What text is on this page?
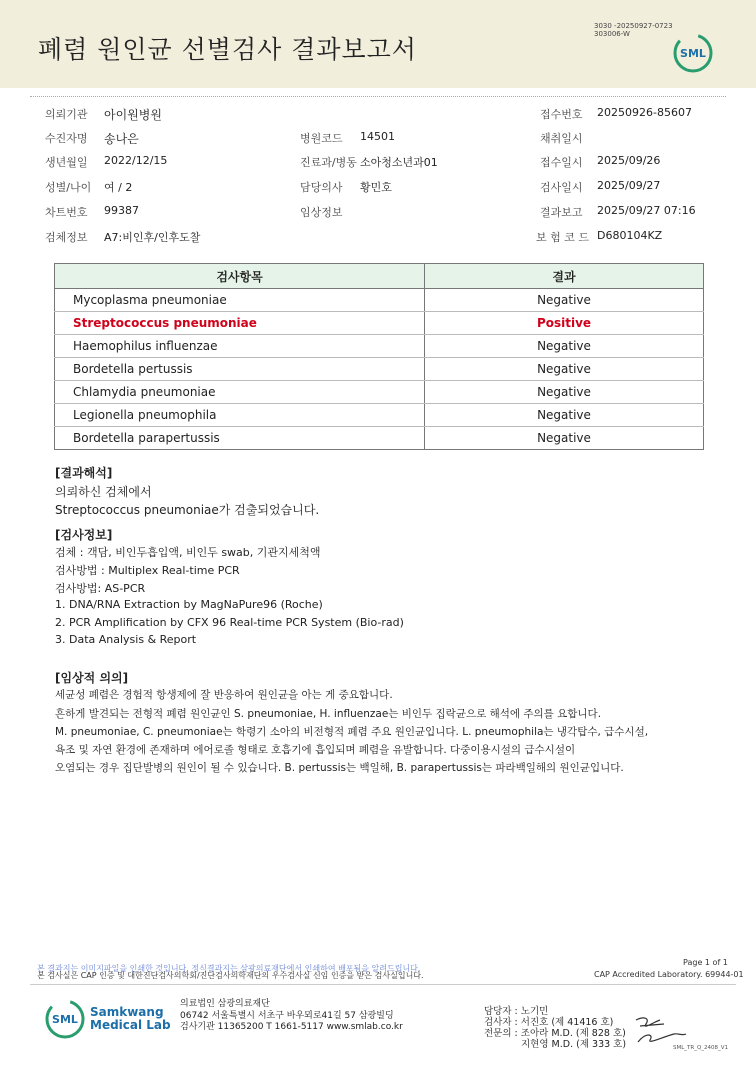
폐렴 원인균 선별검사 결과보고서
3030 -20250927-0723
303006-W
SML
의뢰기관 아이원병원	접수번호 20250926-85607
수진자명 송나은	병원코드 14501	채취일시
생년월일 2022/12/15	진료과/병동 소아청소년과01	접수일시 2025/09/26
성별/나이 여 / 2	담당의사 황민호	검사일시 2025/09/27
차트번호 99387	임상정보	결과보고 2025/09/27 07:16
검체정보 A7:비인후/인후도찰	보 험 코 드 D680104KZ
검사항목	결과
Mycoplasma pneumoniae	Negative
Streptococcus pneumoniae	Positive
Haemophilus influenzae	Negative
Bordetella pertussis	Negative
Chlamydia pneumoniae	Negative
Legionella pneumophila	Negative
Bordetella parapertussis	Negative
[결과해석]
의뢰하신 검체에서
Streptococcus pneumoniae가 검출되었습니다.
[검사정보]
검체 : 객담, 비인두흡입액, 비인두 swab, 기관지세척액
검사방법 : Multiplex Real-time PCR
검사방법: AS-PCR
1. DNA/RNA Extraction by MagNaPure96 (Roche)
2. PCR Amplification by CFX 96 Real-time PCR System (Bio-rad)
3. Data Analysis & Report
[임상적 의의]
세균성 폐렴은 경험적 항생제에 잘 반응하여 원인균을 아는 게 중요합니다.
흔하게 발견되는 전형적 폐렴 원인균인 S. pneumoniae, H. influenzae는 비인두 집락균으로 해석에 주의를 요합니다.
M. pneumoniae, C. pneumoniae는 학령기 소아의 비전형적 폐렴 주요 원인균입니다. L. pneumophila는 냉각탑수, 급수시설,
욕조 및 자연 환경에 존재하며 에어로졸 형태로 호흡기에 흡입되며 폐렴을 유발합니다. 다중이용시설의 급수시설이
오염되는 경우 집단발병의 원인이 될 수 있습니다. B. pertussis는 백일해, B. parapertussis는 파라백일해의 원인균입니다.
본 결과지는 이미지파일을 인쇄한 것입니다. 정식결과지는 삼광의료재단에서 인쇄하여 배포됨을 알려드립니다.
본 검사실은 CAP 인증 및 대한진단검사의학회/진단검사의학재단의 우수검사실 신임 인증을 받은 검사실입니다.
Page 1 of 1
CAP Accredited Laboratory. 69944-01
SML
Samkwang
Medical Lab
의료법인 삼광의료재단
06742 서울특별시 서초구 바우뫼로41길 57 삼광빌딩
검사기관 11365200 T 1661-5117 www.smlab.co.kr
담당자 : 노기민
검사자 : 서진호 (제 41416 호)
전문의 : 조아라 M.D. (제 828 호)
지현영 M.D. (제 333 호)	SML_TR_Q_2408_V1
